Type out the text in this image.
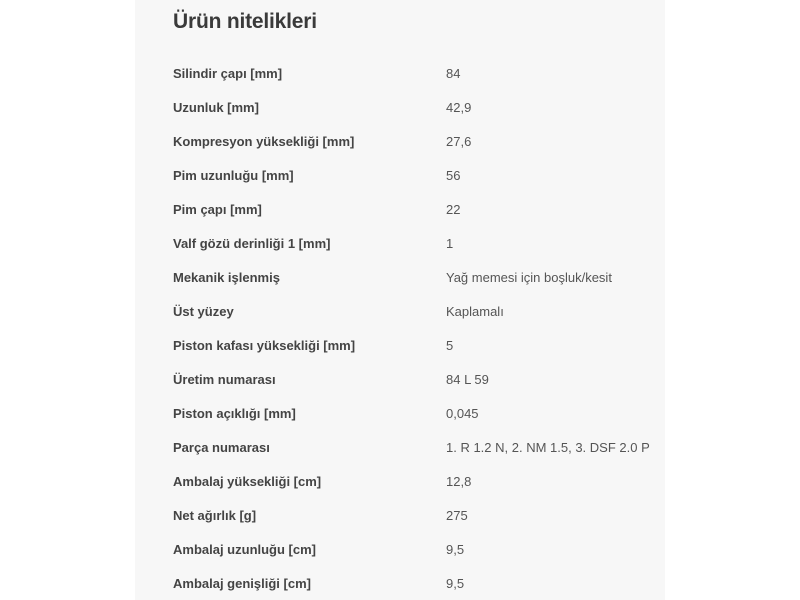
Ürün nitelikleri
Silindir çapı [mm]	84
Uzunluk [mm]	42,9
Kompresyon yüksekliği [mm]	27,6
Pim uzunluğu [mm]	56
Pim çapı [mm]	22
Valf gözü derinliği 1 [mm]	1
Mekanik işlenmiş	Yağ memesi için boşluk/kesit
Üst yüzey	Kaplamalı
Piston kafası yüksekliği [mm]	5
Üretim numarası	84 L 59
Piston açıklığı [mm]	0,045
Parça numarası	1. R 1.2 N, 2. NM 1.5, 3. DSF 2.0 P
Ambalaj yüksekliği [cm]	12,8
Net ağırlık [g]	275
Ambalaj uzunluğu [cm]	9,5
Ambalaj genişliği [cm]	9,5
